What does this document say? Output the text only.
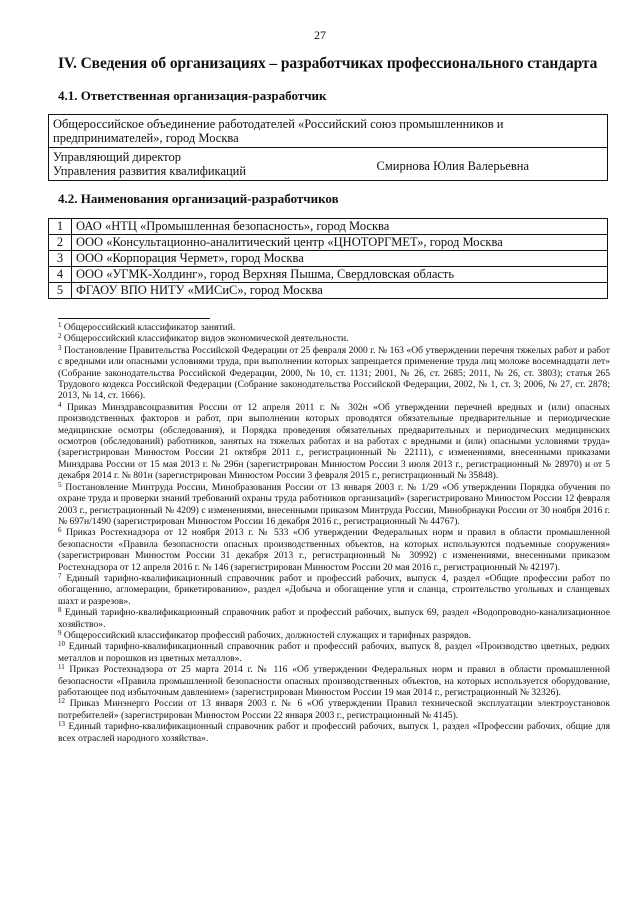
27
IV. Сведения об организациях – разработчиках профессионального стандарта
4.1. Ответственная организация-разработчик
Общероссийское объединение работодателей «Российский союз промышленников и предпринимателей», город Москва

Управляющий директор
Управления развития квалификаций	Смирнова Юлия Валерьевна
4.2. Наименования организаций-разработчиков
1	ОАО «НТЦ «Промышленная безопасность», город Москва
2	ООО «Консультационно-аналитический центр «ЦНОТОРГМЕТ», город Москва
3	ООО «Корпорация Чермет», город Москва
4	ООО «УГМК-Холдинг», город Верхняя Пышма, Свердловская область
5	ФГАОУ ВПО НИТУ «МИСиС», город Москва

$^1$ Общероссийский классификатор занятий.

$^2$ Общероссийский классификатор видов экономической деятельности.

$^3$ Постановление Правительства Российской Федерации от 25 февраля 2000 г. № 163 «Об утверждении перечня тяжелых работ и работ с вредными или опасными условиями труда, при выполнении которых запрещается применение труда лиц моложе восемнадцати лет» (Собрание законодательства Российской Федерации, 2000, № 10, ст. 1131; 2001, № 26, ст. 2685; 2011, № 26, ст. 3803); статья 265 Трудового кодекса Российской Федерации (Собрание законодательства Российской Федерации, 2002, № 1, ст. 3; 2006, № 27, ст. 2878; 2013, № 14, ст. 1666).

$^4$ Приказ Минздравсоцразвития России от 12 апреля 2011 г. № 302н «Об утверждении перечней вредных и (или) опасных производственных факторов и работ, при выполнении которых проводятся обязательные предварительные и периодические медицинские осмотры (обследования), и Порядка проведения обязательных предварительных и периодических медицинских осмотров (обследований) работников, занятых на тяжелых работах и на работах с вредными и (или) опасными условиями труда» (зарегистрирован Минюстом России 21 октября 2011 г., регистрационный № 22111), с изменениями, внесенными приказами Минздрава России от 15 мая 2013 г. № 296н (зарегистрирован Минюстом России 3 июля 2013 г., регистрационный № 28970) и от 5 декабря 2014 г. № 801н (зарегистрирован Минюстом России 3 февраля 2015 г., регистрационный № 35848).

$^5$ Постановление Минтруда России, Минобразования России от 13 января 2003 г. № 1/29 «Об утверждении Порядка обучения по охране труда и проверки знаний требований охраны труда работников организаций» (зарегистрировано Минюстом России 12 февраля 2003 г., регистрационный № 4209) с изменениями, внесенными приказом Минтруда России, Минобрнауки России от 30 ноября 2016 г. № 697н/1490 (зарегистрирован Минюстом России 16 декабря 2016 г., регистрационный № 44767).

$^6$ Приказ Ростехнадзора от 12 ноября 2013 г. № 533 «Об утверждении Федеральных норм и правил в области промышленной безопасности «Правила безопасности опасных производственных объектов, на которых используются подъемные сооружения» (зарегистрирован Минюстом России 31 декабря 2013 г., регистрационный № 30992) с изменениями, внесенными приказом Ростехнадзора от 12 апреля 2016 г. № 146 (зарегистрирован Минюстом России 20 мая 2016 г., регистрационный № 42197).

$^7$ Единый тарифно-квалификационный справочник работ и профессий рабочих, выпуск 4, раздел «Общие профессии работ по обогащению, агломерации, брикетированию», раздел «Добыча и обогащение угля и сланца, строительство угольных и сланцевых шахт и разрезов».

$^8$ Единый тарифно-квалификационный справочник работ и профессий рабочих, выпуск 69, раздел «Водопроводно-канализационное хозяйство».

$^9$ Общероссийский классификатор профессий рабочих, должностей служащих и тарифных разрядов.

$^{10}$ Единый тарифно-квалификационный справочник работ и профессий рабочих, выпуск 8, раздел «Производство цветных, редких металлов и порошков из цветных металлов».

$^{11}$ Приказ Ростехнадзора от 25 марта 2014 г. № 116 «Об утверждении Федеральных норм и правил в области промышленной безопасности «Правила промышленной безопасности опасных производственных объектов, на которых используется оборудование, работающее под избыточным давлением» (зарегистрирован Минюстом России 19 мая 2014 г., регистрационный № 32326).

$^{12}$ Приказ Минэнерго России от 13 января 2003 г. № 6 «Об утверждении Правил технической эксплуатации электроустановок потребителей» (зарегистрирован Минюстом России 22 января 2003 г., регистрационный № 4145).

$^{13}$ Единый тарифно-квалификационный справочник работ и профессий рабочих, выпуск 1, раздел «Профессии рабочих, общие для всех отраслей народного хозяйства».
